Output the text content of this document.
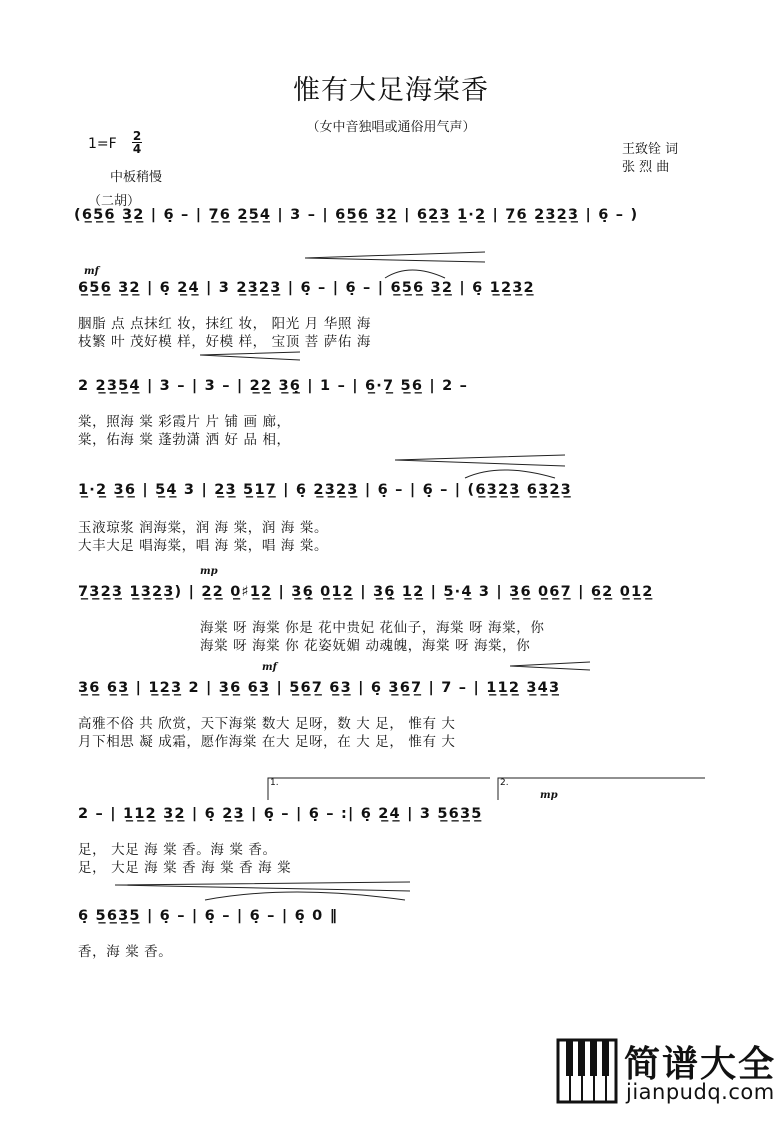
惟有大足海棠香
（女中音独唱或通俗用气声）
1=F 2
4
中板稍慢
（二胡）
王致铨 词
张 烈 曲
(6̲5̲6̲ 3̲2̲ | 6̣ – | 7̲6̲ 2̲5̲4̲ | 3 – | 6̲5̲6̲ 3̲2̲ | 6̲2̲3̲ 1̲·2̲ | 7̲6̲ 2̲3̲2̲3̲ | 6̣ – )
mf
6̲5̲6̲ 3̲2̲ | 6̣ 2̲4̲ | 3 2̲3̲2̲3̲ | 6̣ – | 6̣ – | 6̲5̲6̲ 3̲2̲ | 6̣ 1̲2̲3̲2̲
胭脂 点 点抹红 妆，抹红 妆， 阳光 月 华照 海
枝繁 叶 茂好模 样，好模 样， 宝顶 菩 萨佑 海
2 2̲3̲5̲4̲ | 3 – | 3 – | 2̲2̲ 3̲6̣̲ | 1 – | 6̲·7̲ 5̲6̲ | 2 –
棠，照海 棠 彩霞片 片 铺 画 廊，
棠，佑海 棠 蓬勃潇 洒 好 品 相，
1̲·2̲ 3̲6̲ | 5̲4̲ 3 | 2̲3̲ 5̲1̲7̲ | 6̣ 2̲3̲2̲3̲ | 6̣ – | 6̣ – | (6̲3̲2̲3̲ 6̲3̲2̲3̲
玉液琼浆 润海棠，润 海 棠，润 海 棠。
大丰大足 唱海棠，唱 海 棠，唱 海 棠。
mp
7̲3̲2̲3̲ 1̲3̲2̲3̲) | 2̲2̲ 0̲♯1̲2̲ | 3̲6̣̲ 0̲1̲2̲ | 3̲6̣̲ 1̲2̲ | 5̲·4̲ 3 | 3̲6̲ 0̲6̲7̲ | 6̲2̲ 0̲1̲2̲
海棠 呀 海棠 你是 花中贵妃 花仙子，海棠 呀 海棠，你
海棠 呀 海棠 你 花姿妩媚 动魂魄，海棠 呀 海棠，你
mf
3̲6̲ 6̲3̲ | 1̲2̲3̲ 2 | 3̲6̲ 6̲3̲ | 5̲6̲7̲ 6̲3̲ | 6̣ 3̲6̲7̲ | 7 – | 1̲1̲2̲ 3̲4̲3̲
高雅不俗 共 欣赏，天下海棠 数大 足呀，数 大 足， 惟有 大
月下相思 凝 成霜，愿作海棠 在大 足呀，在 大 足， 惟有 大
1.	2.
mp
2 – | 1̲1̲2̲ 3̲2̲ | 6̣ 2̲3̲ | 6̣ – | 6̣ – :| 6̣ 2̲4̲ | 3 5̲6̲3̲5̲
足， 大足 海 棠 香。海 棠 香。
足， 大足 海 棠 香 海 棠 香 海 棠
6̣ 5̲6̲3̲5̲ | 6̣ – | 6̣ – | 6̣ – | 6̣ 0 ‖
香，海 棠 香。
简谱大全
jianpudq.com
